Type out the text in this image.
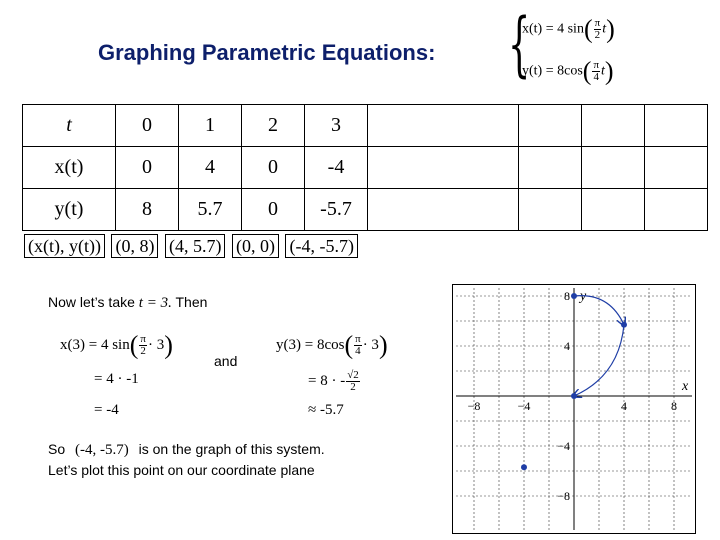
Graphing Parametric Equations: {
x(t) = 4 $\sin( \frac{\pi}{2} t)$
$y(t) = 8\cos( \frac{\pi}{4} t)$
t	0	1	2	3				
x(t)	0	4	0	-4				
y(t)	8	5.7	0	-5.7				
(x(t), y(t)) (0, 8) (4, 5.7) (0, 0) (-4, -5.7)
Now let’s take t = 3. Then
x(3) = 4 $\sin( \frac{\pi}{2} \cdot 3)$
= 4 · -1
= -4
and
$y(3) = 8\cos( \frac{\pi}{4} \cdot 3)$
= 8 · - $\frac{√2}{2}$
≈ -5.7
So (-4, -5.7) is on the graph of this system.
Let’s plot this point on our coordinate plane
x
y
−8	−4	4	8
8
4
−4
−8
